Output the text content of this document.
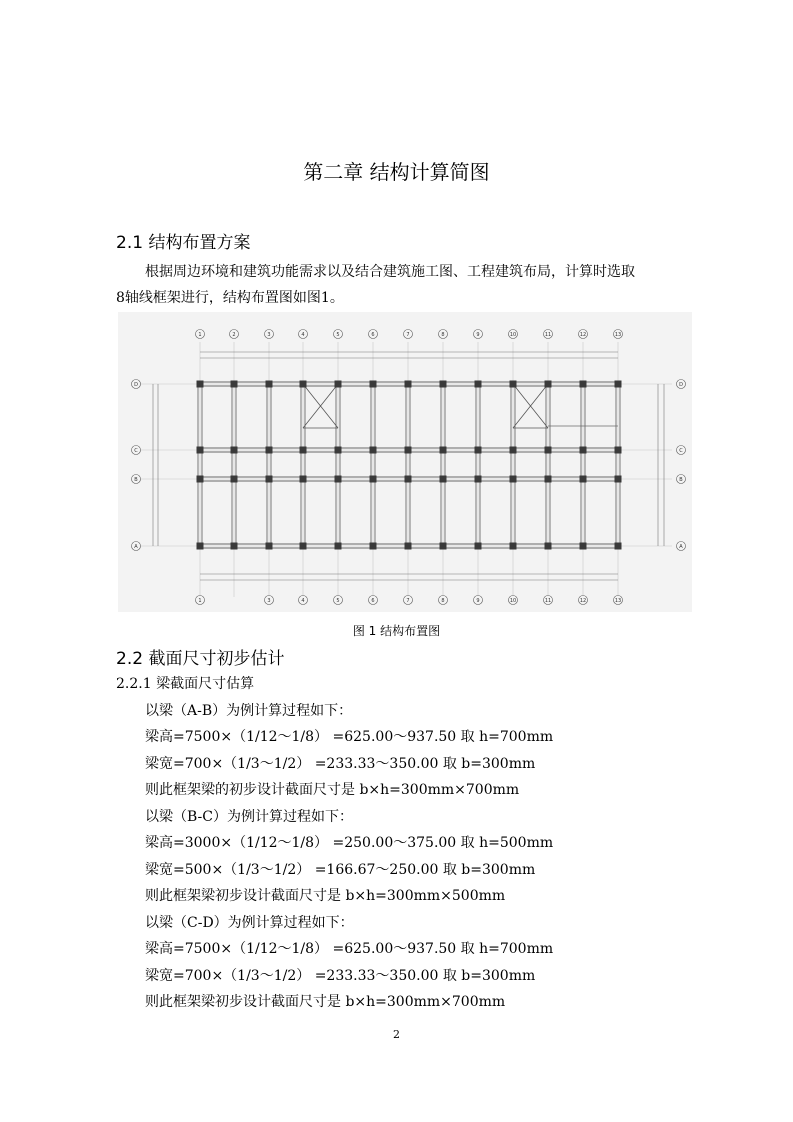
第二章 结构计算简图
2.1 结构布置方案
根据周边环境和建筑功能需求以及结合建筑施工图、工程建筑布局，计算时选取
8轴线框架进行，结构布置图如图1。
1	2	3	4	5	6	7	8	9	10	11	12	13
D
C
B
A
D
C
B
A
1	3	4	5	6	7	8	9	10	11	12	13
图 1 结构布置图
2.2 截面尺寸初步估计
2.2.1 梁截面尺寸估算
以梁（A-B）为例计算过程如下：
梁高=7500×（1/12～1/8） =625.00～937.50 取 h=700mm
梁宽=700×（1/3～1/2） =233.33～350.00 取 b=300mm
则此框架梁的初步设计截面尺寸是 b×h=300mm×700mm
以梁（B-C）为例计算过程如下：
梁高=3000×（1/12～1/8） =250.00～375.00 取 h=500mm
梁宽=500×（1/3～1/2） =166.67～250.00 取 b=300mm
则此框架梁初步设计截面尺寸是 b×h=300mm×500mm
以梁（C-D）为例计算过程如下：
梁高=7500×（1/12～1/8） =625.00～937.50 取 h=700mm
梁宽=700×（1/3～1/2） =233.33～350.00 取 b=300mm
则此框架梁初步设计截面尺寸是 b×h=300mm×700mm
2
